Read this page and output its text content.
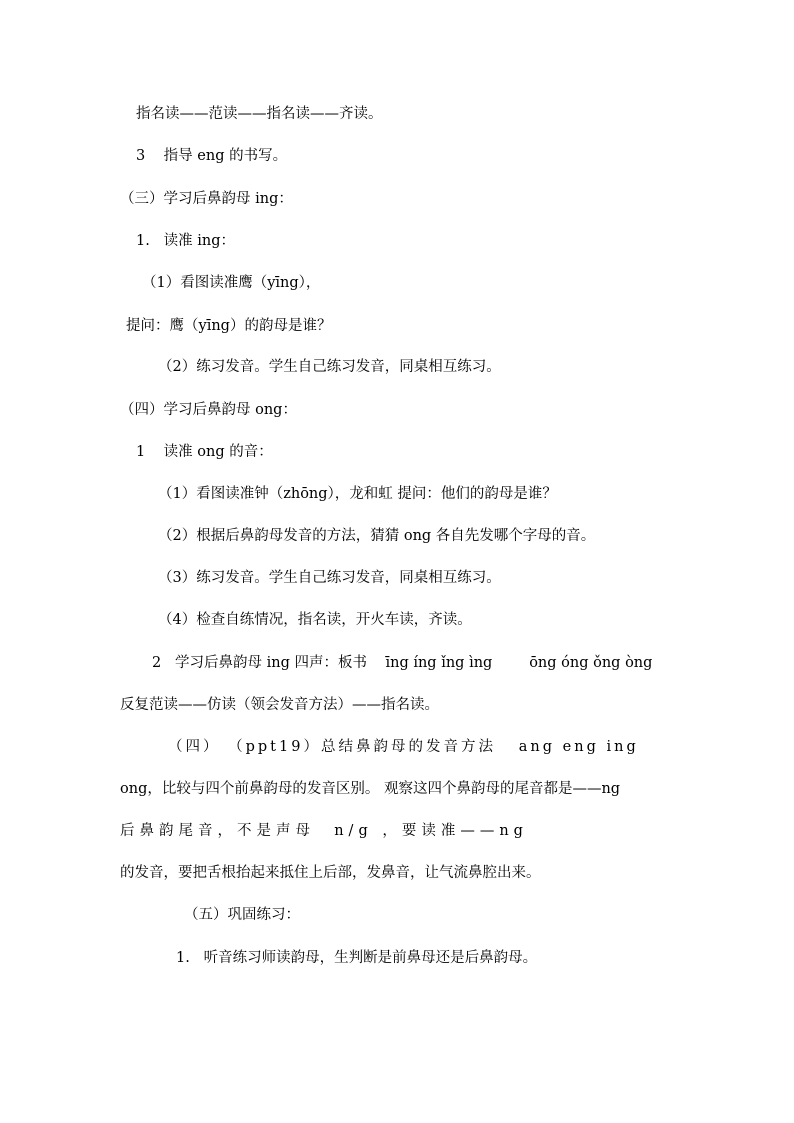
指名读——范读——指名读——齐读。
3    指导 eng 的书写。
（三）学习后鼻韵母 ing：
1.   读准 ing：
（1）看图读准鹰（yīng），
提问：鹰（yīng）的韵母是谁？
（2）练习发音。学生自己练习发音，同桌相互练习。
（四）学习后鼻韵母 ong：
1    读准 ong 的音：
（1）看图读准钟（zhōng），龙和虹 提问：他们的韵母是谁？
（2）根据后鼻韵母发音的方法，猜猜 ong 各自先发哪个字母的音。
（3）练习发音。学生自己练习发音，同桌相互练习。
（4）检查自练情况，指名读，开火车读，齐读。
2   学习后鼻韵母 ing 四声：板书    īng íng ǐng ìng        ōng óng ǒng òng
反复范读——仿读（领会发音方法）——指名读。
（四） （ppt19）总结鼻韵母的发音方法   ang eng ing
ong，比较与四个前鼻韵母的发音区别。 观察这四个鼻韵母的尾音都是——ng
后鼻韵尾音，不是声母  n/g ，要读准——ng
的发音，要把舌根抬起来抵住上后部，发鼻音，让气流鼻腔出来。
（五）巩固练习：
1.   听音练习师读韵母，生判断是前鼻母还是后鼻韵母。
